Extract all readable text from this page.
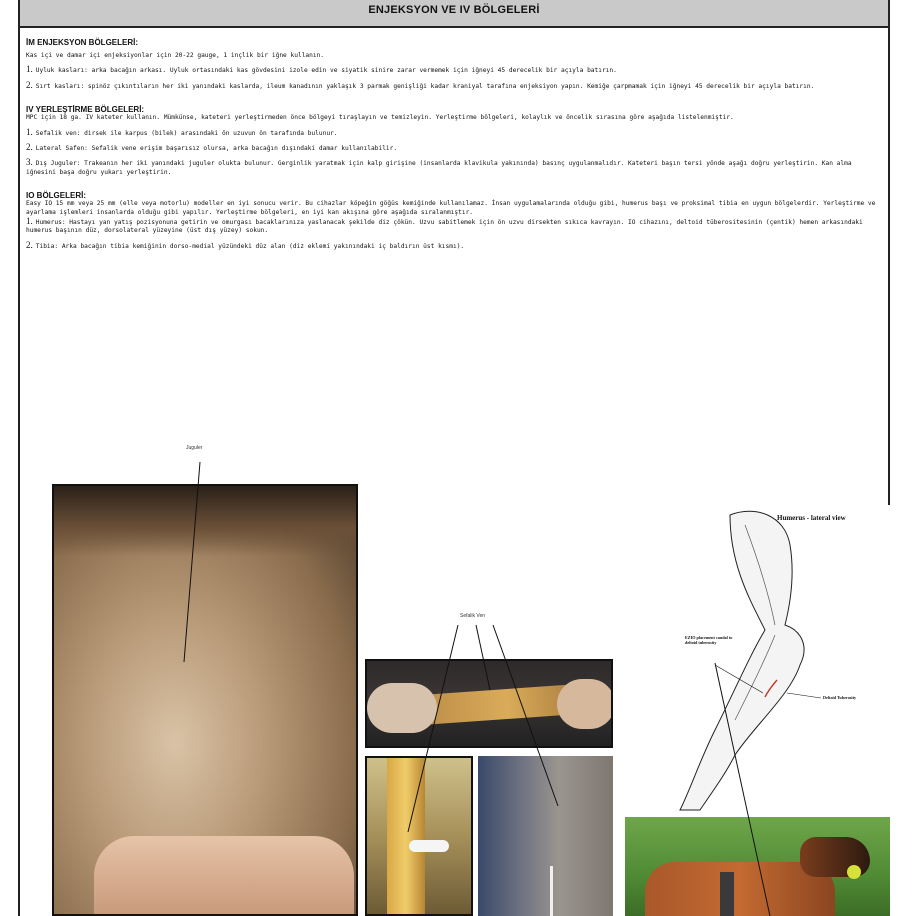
ENJEKSYON VE IV BÖLGELERİ

İM ENJEKSYON BÖLGELERİ:

Kas içi ve damar içi enjeksiyonlar için 20-22 gauge, 1 inçlik bir iğne kullanın.

1. Uyluk kasları: arka bacağın arkası. Uyluk ortasındaki kas gövdesini izole edin ve siyatik sinire zarar vermemek için iğneyi 45 derecelik bir açıyla batırın.

2. Sırt kasları: spinöz çıkıntıların her iki yanındaki kaslarda, ileum kanadının yaklaşık 3 parmak genişliği kadar kraniyal tarafına enjeksiyon yapın. Kemiğe çarpmamak için iğneyi 45 derecelik bir açıyla batırın.

IV YERLEŞTİRME BÖLGELERİ:

MPC için 18 ga. IV kateter kullanın. Mümkünse, kateteri yerleştirmeden önce bölgeyi tıraşlayın ve temizleyin. Yerleştirme bölgeleri, kolaylık ve öncelik sırasına göre aşağıda listelenmiştir.

1. Sefalik ven: dirsek ile karpus (bilek) arasındaki ön uzuvun ön tarafında bulunur.

2. Lateral Safen: Sefalik vene erişim başarısız olursa, arka bacağın dışındaki damar kullanılabilir.

3. Dış Juguler: Trakeanın her iki yanındaki juguler olukta bulunur. Gerginlik yaratmak için kalp girişine (insanlarda klavikula yakınında) basınç uygulanmalıdır. Kateteri başın tersi yönde aşağı doğru yerleştirin. Kan alma iğnesini başa doğru yukarı yerleştirin.

IO BÖLGELERİ:

Easy IO 15 mm veya 25 mm (elle veya motorlu) modeller en iyi sonucu verir. Bu cihazlar köpeğin göğüs kemiğinde kullanılamaz. İnsan uygulamalarında olduğu gibi, humerus başı ve proksimal tibia en uygun bölgelerdir. Yerleştirme ve ayarlama işlemleri insanlarda olduğu gibi yapılır. Yerleştirme bölgeleri, en iyi kan akışına göre aşağıda sıralanmıştır.

1. Humerus: Hastayı yan yatış pozisyonuna getirin ve omurgası bacaklarınıza yaslanacak şekilde diz çökün. Uzvu sabitlemek için ön uzvu dirsekten sıkıca kavrayın. IO cihazını, deltoid tüberositesinin (çentik) hemen arkasındaki humerus başının düz, dorsolateral yüzeyine (üst dış yüzey) sokun.

2. Tibia: Arka bacağın tibia kemiğinin dorso-medial yüzündeki düz alan (diz eklemi yakınındaki iç baldırın üst kısmı).

Juguler
Sefalik Ven
Humerus - lateral view
EZIO placement caudal to deltoid tuberosity
Deltoid Tuberosity
